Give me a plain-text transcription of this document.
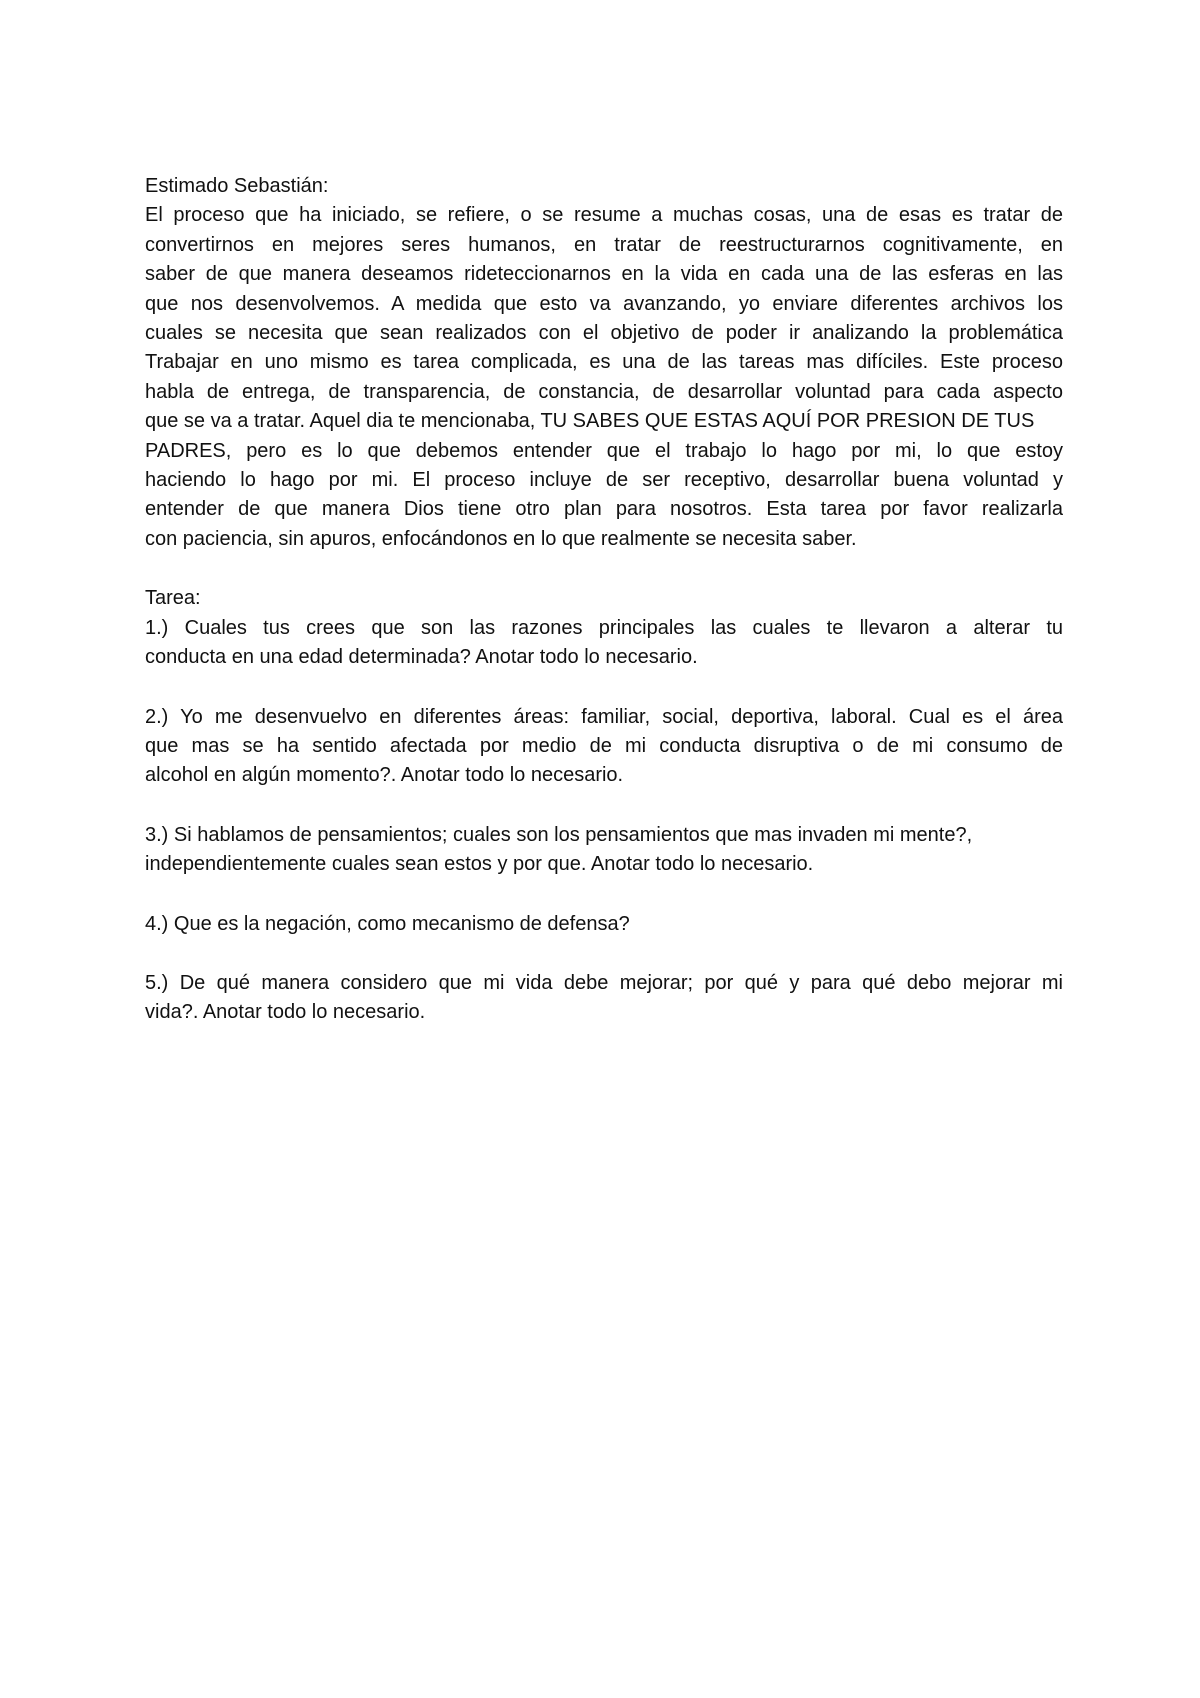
Estimado Sebastián:
El proceso que ha iniciado, se refiere, o se resume a muchas cosas, una de esas es tratar de
convertirnos en mejores seres humanos, en tratar de reestructurarnos cognitivamente, en
saber de que manera deseamos rideteccionarnos en la vida en cada una de las esferas en las
que nos desenvolvemos. A medida que esto va avanzando, yo enviare diferentes archivos los
cuales se necesita que sean realizados con el objetivo de poder ir analizando la problemática
Trabajar en uno mismo es tarea complicada, es una de las tareas mas difíciles. Este proceso
habla de entrega, de transparencia, de constancia, de desarrollar voluntad para cada aspecto
que se va a tratar. Aquel dia te mencionaba, TU SABES QUE ESTAS AQUÍ POR PRESION DE TUS
PADRES, pero es lo que debemos entender que el trabajo lo hago por mi, lo que estoy
haciendo lo hago por mi. El proceso incluye de ser receptivo, desarrollar buena voluntad y
entender de que manera Dios tiene otro plan para nosotros. Esta tarea por favor realizarla
con paciencia, sin apuros, enfocándonos en lo que realmente se necesita saber.
Tarea:
1.) Cuales tus crees que son las razones principales las cuales te llevaron a alterar tu
conducta en una edad determinada? Anotar todo lo necesario.
2.) Yo me desenvuelvo en diferentes áreas: familiar, social, deportiva, laboral. Cual es el área
que mas se ha sentido afectada por medio de mi conducta disruptiva o de mi consumo de
alcohol en algún momento?. Anotar todo lo necesario.
3.) Si hablamos de pensamientos; cuales son los pensamientos que mas invaden mi mente?,
independientemente cuales sean estos y por que. Anotar todo lo necesario.
4.) Que es la negación, como mecanismo de defensa?
5.) De qué manera considero que mi vida debe mejorar; por qué y para qué debo mejorar mi
vida?. Anotar todo lo necesario.
